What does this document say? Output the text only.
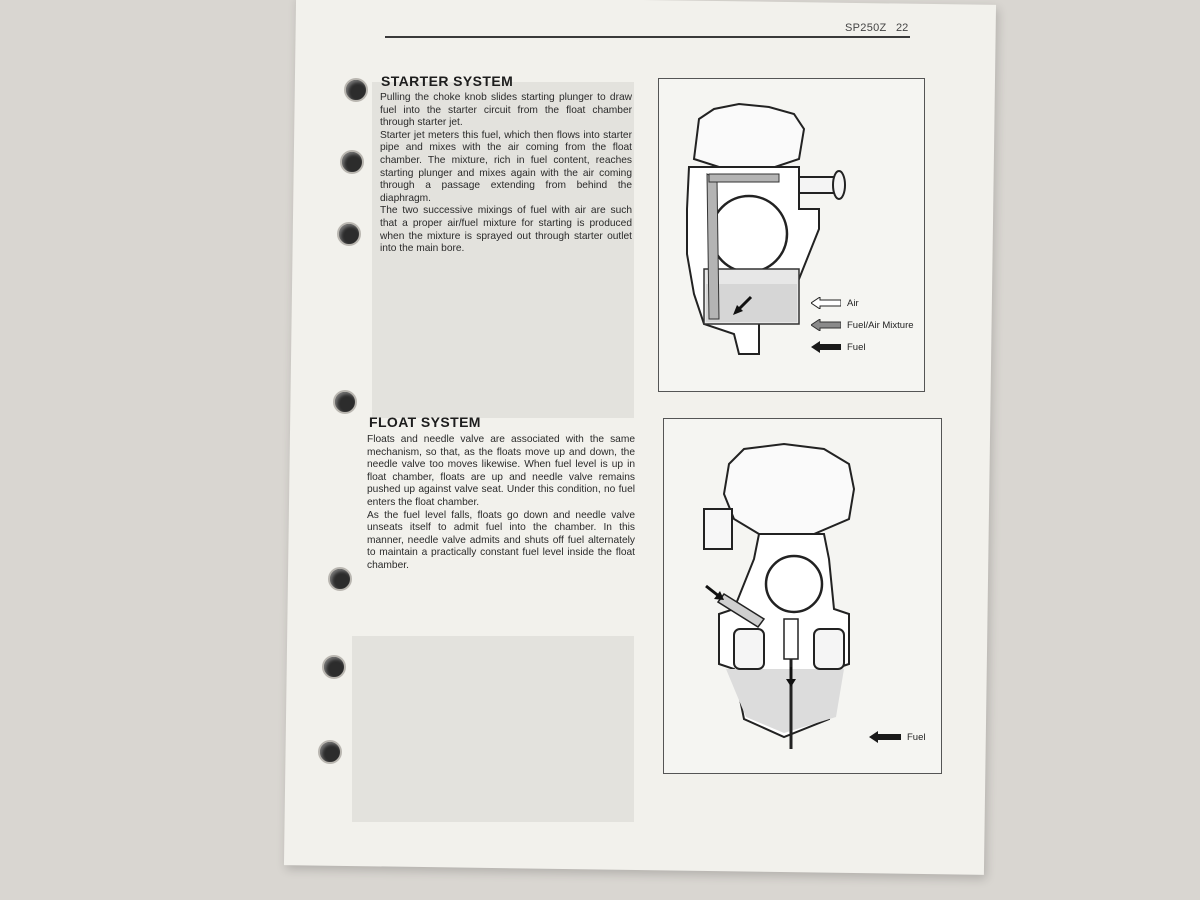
SP250Z 22
STARTER SYSTEM

Pulling the choke knob slides starting plunger to draw fuel into the starter circuit from the float chamber through starter jet.

Starter jet meters this fuel, which then flows into starter pipe and mixes with the air coming from the float chamber. The mixture, rich in fuel content, reaches starting plunger and mixes again with the air coming through a passage extending from behind the diaphragm.

The two successive mixings of fuel with air are such that a proper air/fuel mixture for starting is produced when the mixture is sprayed out through starter outlet into the main bore.

FLOAT SYSTEM

Floats and needle valve are associated with the same mechanism, so that, as the floats move up and down, the needle valve too moves likewise. When fuel level is up in float chamber, floats are up and needle valve remains pushed up against valve seat. Under this condition, no fuel enters the float chamber.

As the fuel level falls, floats go down and needle valve unseats itself to admit fuel into the chamber. In this manner, needle valve admits and shuts off fuel alternately to maintain a practically constant fuel level inside the float chamber.

Air
Fuel/Air Mixture
Fuel
Fuel
